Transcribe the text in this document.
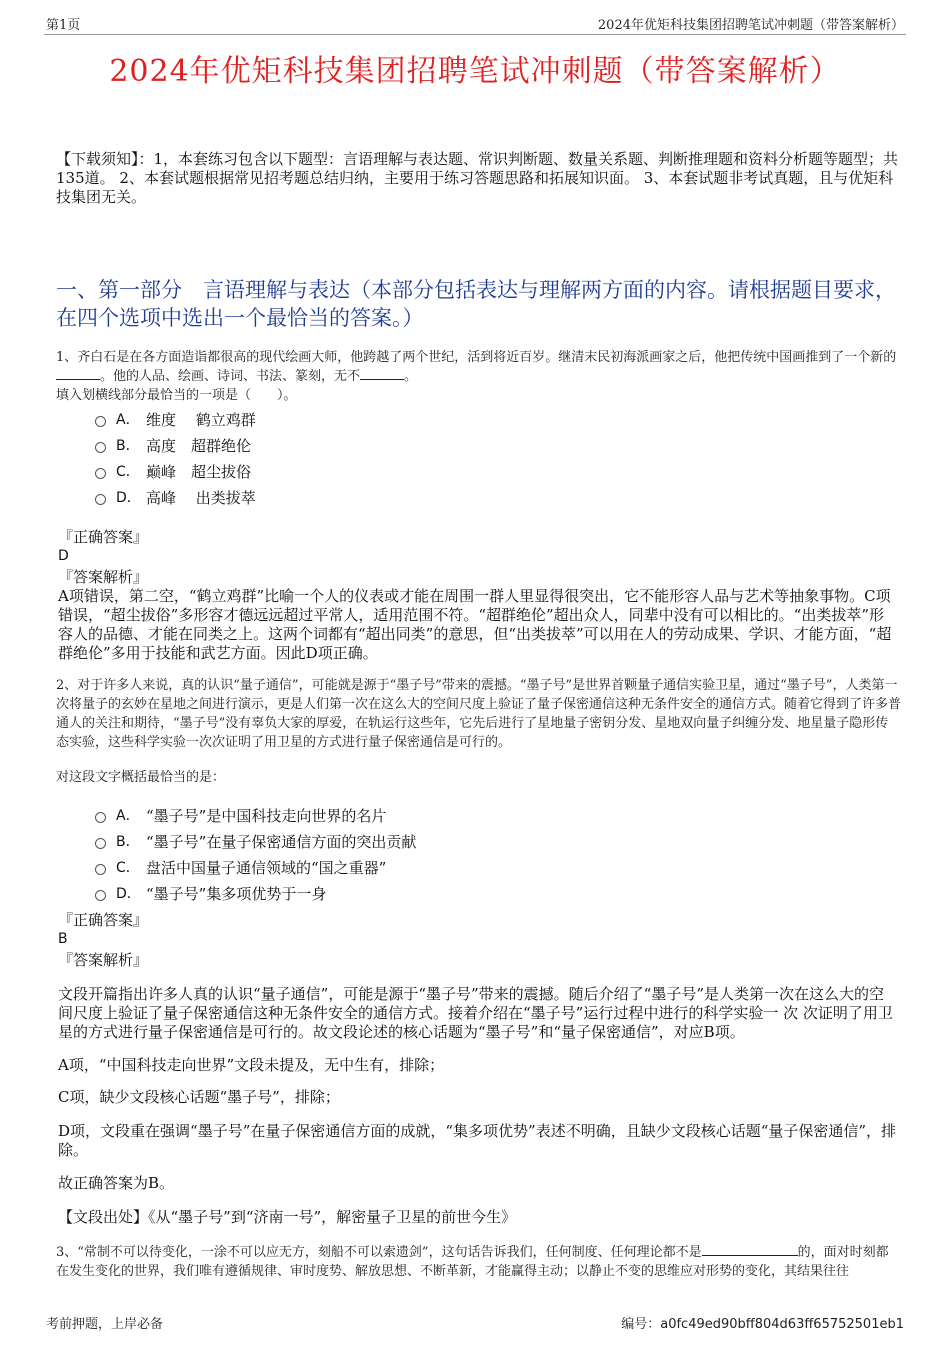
第1页	2024年优矩科技集团招聘笔试冲刺题（带答案解析）
2024年优矩科技集团招聘笔试冲刺题（带答案解析）
【下载须知】：1，本套练习包含以下题型：言语理解与表达题、常识判断题、数量关系题、判断推理题和资料分析题等题型；共135道。 2、本套试题根据常见招考题总结归纳，主要用于练习答题思路和拓展知识面。 3、本套试题非考试真题，且与优矩科技集团无关。
一、第一部分　言语理解与表达（本部分包括表达与理解两方面的内容。请根据题目要求，在四个选项中选出一个最恰当的答案。）
1、齐白石是在各方面造诣都很高的现代绘画大师，他跨越了两个世纪，活到将近百岁。继清末民初海派画家之后，他把传统中国画推到了一个新的。他的人品、绘画、诗词、书法、篆刻，无不	。
填入划横线部分最恰当的一项是（　　）。
A． 维度　 鹤立鸡群
B． 高度　超群绝伦
C． 巅峰　超尘拔俗
D． 高峰　 出类拔萃
『正确答案』
D
『答案解析』
A项错误，第二空，“鹤立鸡群”比喻一个人的仪表或才能在周围一群人里显得很突出，它不能形容人品与艺术等抽象事物。C项错误，“超尘拔俗”多形容才德远远超过平常人，适用范围不符。“超群绝伦”超出众人，同辈中没有可以相比的。“出类拔萃”形容人的品德、才能在同类之上。这两个词都有“超出同类”的意思，但“出类拔萃”可以用在人的劳动成果、学识、才能方面，“超群绝伦”多用于技能和武艺方面。因此D项正确。
2、对于许多人来说，真的认识“量子通信”，可能就是源于“墨子号”带来的震撼。“墨子号”是世界首颗量子通信实验卫星，通过“墨子号”，人类第一次将量子的玄妙在星地之间进行演示，更是人们第一次在这么大的空间尺度上验证了量子保密通信这种无条件安全的通信方式。随着它得到了许多普通人的关注和期待，“墨子号”没有辜负大家的厚爱，在轨运行这些年，它先后进行了星地量子密钥分发、星地双向量子纠缠分发、地星量子隐形传态实验，这些科学实验一次次证明了用卫星的方式进行量子保密通信是可行的。
对这段文字概括最恰当的是：
A． “墨子号”是中国科技走向世界的名片
B． “墨子号”在量子保密通信方面的突出贡献
C． 盘活中国量子通信领域的“国之重器”
D． “墨子号”集多项优势于一身
『正确答案』
B
『答案解析』
文段开篇指出许多人真的认识“量子通信”，可能是源于“墨子号”带来的震撼。随后介绍了“墨子号”是人类第一次在这么大的空间尺度上验证了量子保密通信这种无条件安全的通信方式。接着介绍在“墨子号”运行过程中进行的科学实验一 次 次证明了用卫星的方式进行量子保密通信是可行的。故文段论述的核心话题为“墨子号”和“量子保密通信”，对应B项。
A项，“中国科技走向世界”文段未提及，无中生有，排除；
C项，缺少文段核心话题“墨子号”，排除；
D项，文段重在强调“墨子号”在量子保密通信方面的成就，“集多项优势”表述不明确，且缺少文段核心话题“量子保密通信”，排除。
故正确答案为B。
【文段出处】《从“墨子号”到“济南一号”，解密量子卫星的前世今生》
3、“常制不可以待变化，一涂不可以应无方，刻船不可以索遗剑”，这句话告诉我们，任何制度、任何理论都不是	的，面对时刻都在发生变化的世界，我们唯有遵循规律、审时度势、解放思想、不断革新，才能赢得主动；以静止不变的思维应对形势的变化，其结果往往
考前押题，上岸必备	编号：a0fc49ed90bff804d63ff65752501eb1
